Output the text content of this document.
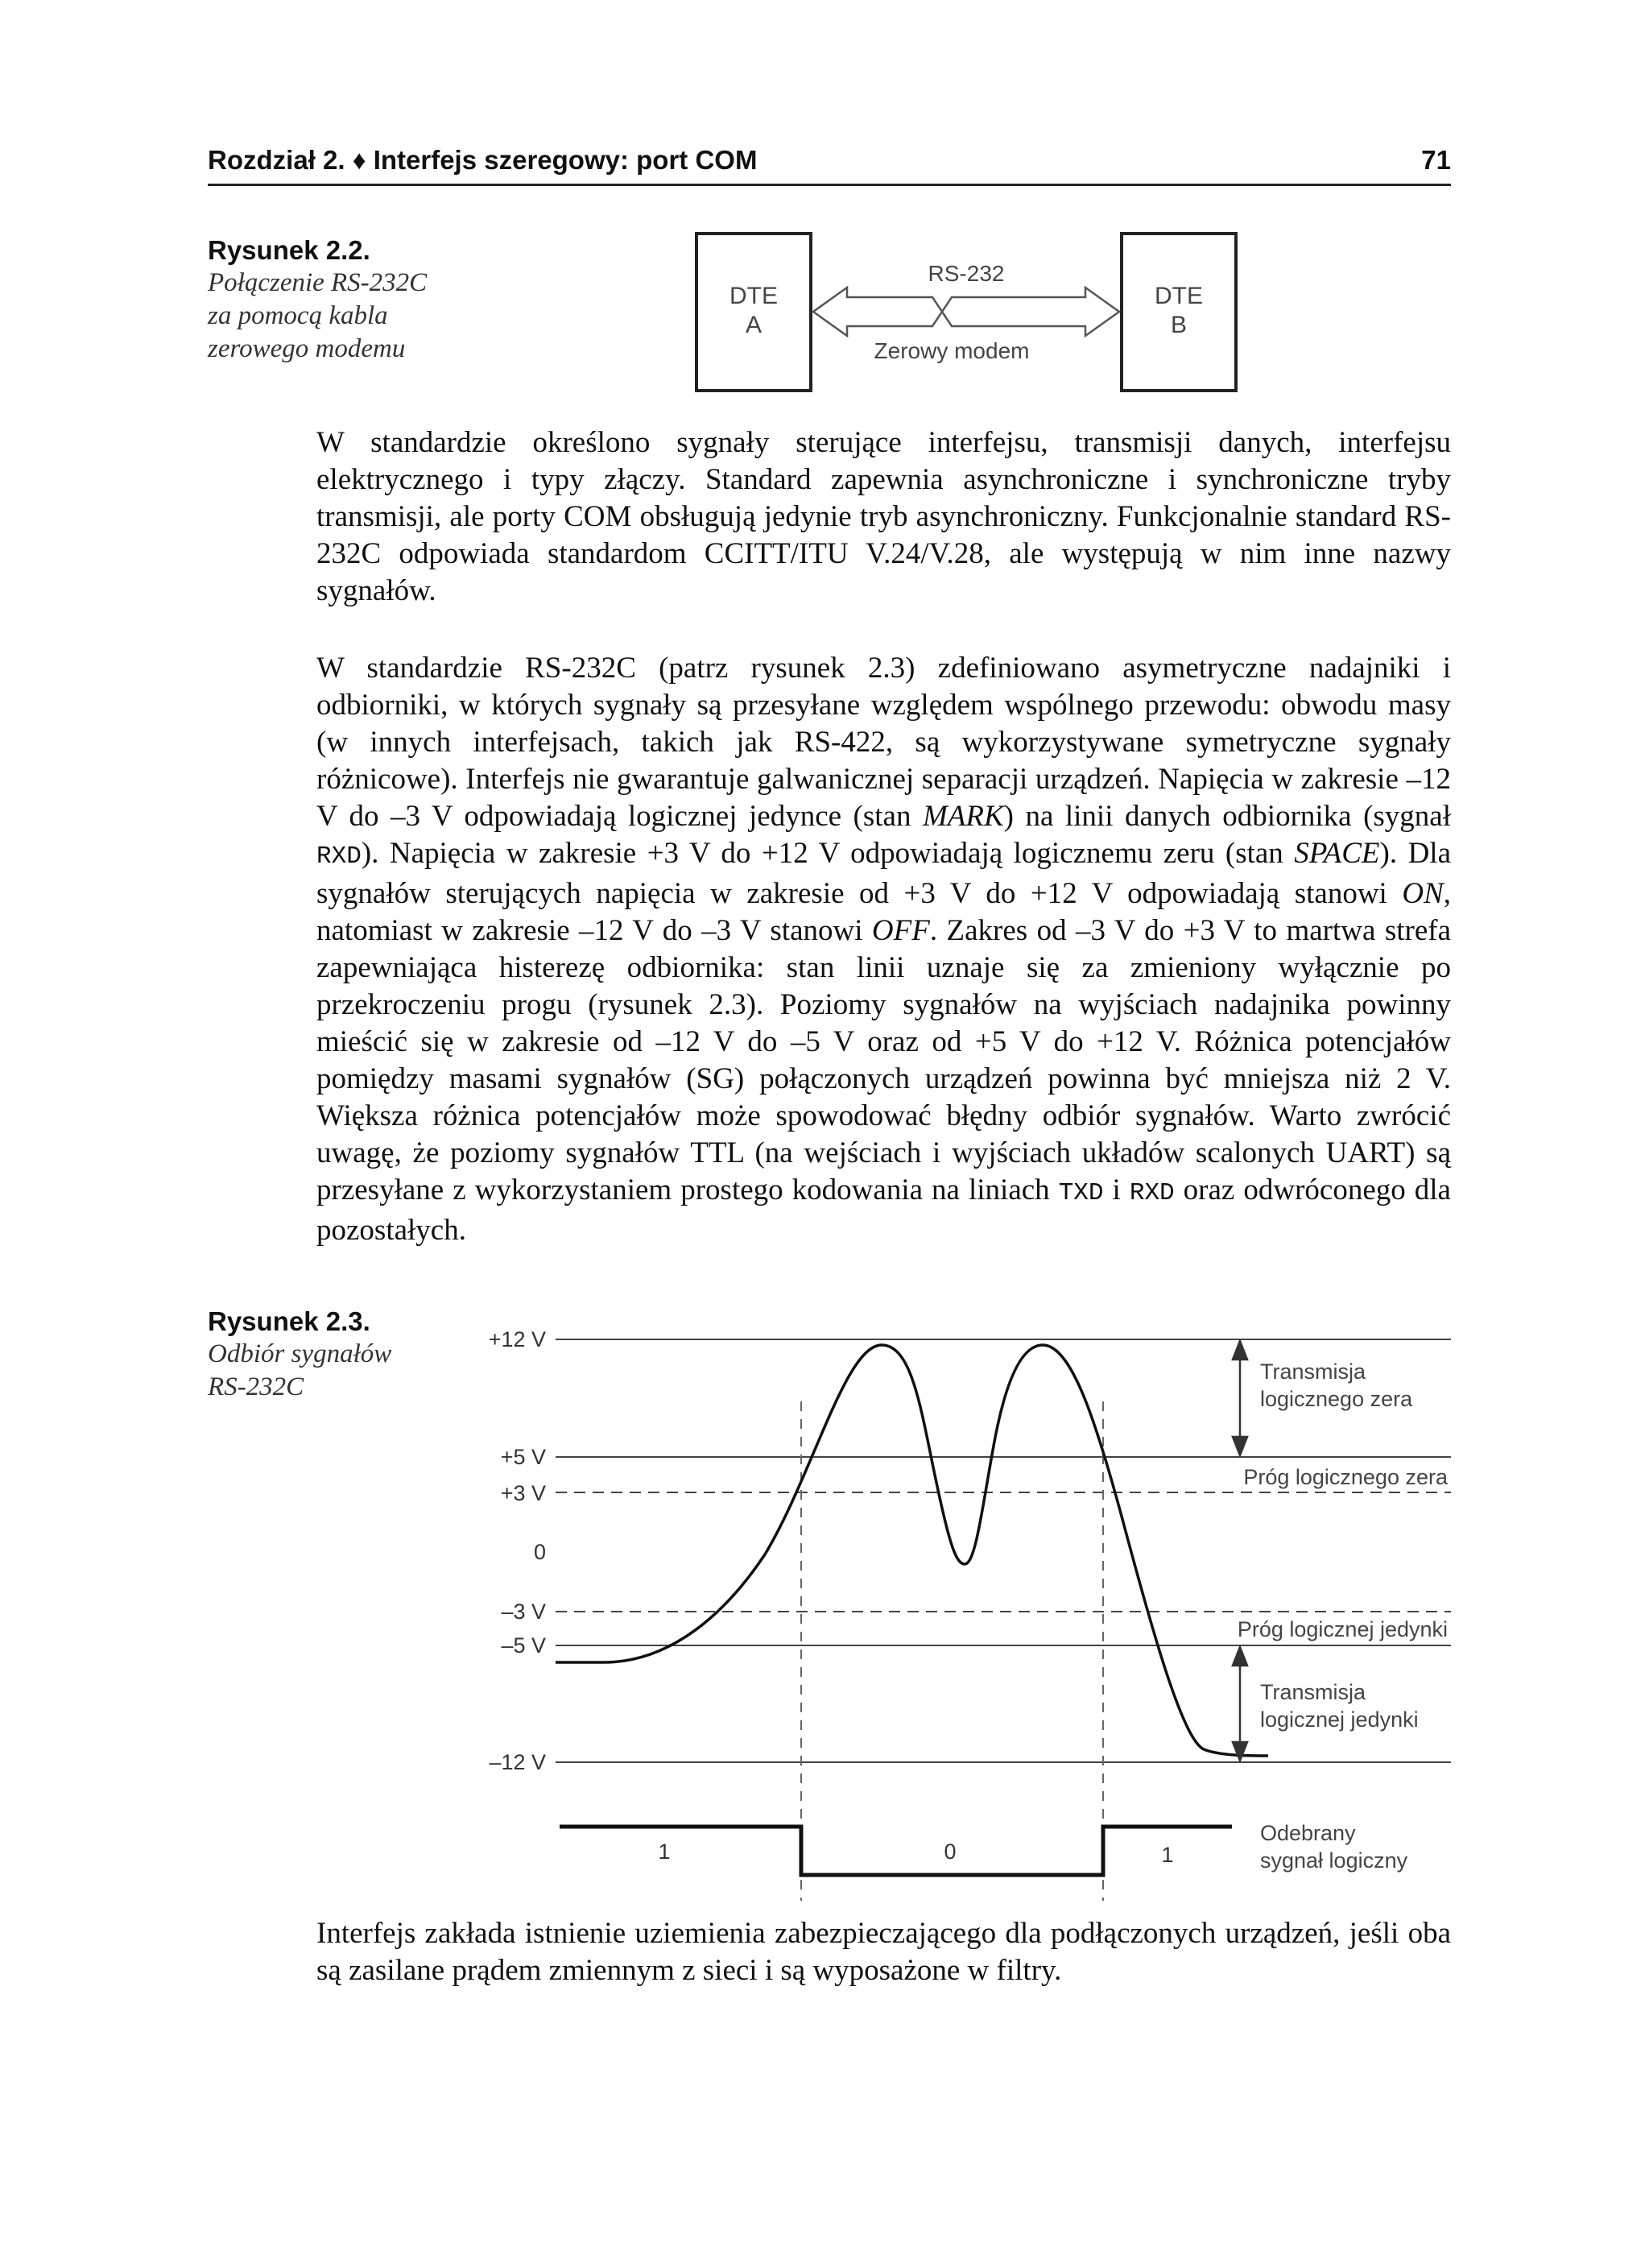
Rozdział 2. ♦ Interfejs szeregowy: port COM	71
Rysunek 2.2.
Połączenie RS-232C
za pomocą kabla
zerowego modemu
DTE
A
DTE
B
RS-232
Zerowy modem

W standardzie określono sygnały sterujące interfejsu, transmisji danych, interfejsu elektrycznego i typy złączy. Standard zapewnia asynchroniczne i synchroniczne tryby transmisji, ale porty COM obsługują jedynie tryb asynchroniczny. Funkcjonalnie standard RS-232C odpowiada standardom CCITT/ITU V.24/V.28, ale występują w nim inne nazwy sygnałów.

W standardzie RS-232C (patrz rysunek 2.3) zdefiniowano asymetryczne nadajniki i odbiorniki, w których sygnały są przesyłane względem wspólnego przewodu: obwodu masy (w innych interfejsach, takich jak RS-422, są wykorzystywane symetryczne sygnały różnicowe). Interfejs nie gwarantuje galwanicznej separacji urządzeń. Napięcia w zakresie –12 V do –3 V odpowiadają logicznej jedynce (stan MARK) na linii danych odbiornika (sygnał RXD). Napięcia w zakresie +3 V do +12 V odpowiadają logicznemu zeru (stan SPACE). Dla sygnałów sterujących napięcia w zakresie od +3 V do +12 V odpowiadają stanowi ON, natomiast w zakresie –12 V do –3 V stanowi OFF. Zakres od –3 V do +3 V to martwa strefa zapewniająca histerezę odbiornika: stan linii uznaje się za zmieniony wyłącznie po przekroczeniu progu (rysunek 2.3). Poziomy sygnałów na wyjściach nadajnika powinny mieścić się w zakresie od –12 V do –5 V oraz od +5 V do +12 V. Różnica potencjałów pomiędzy masami sygnałów (SG) połączonych urządzeń powinna być mniejsza niż 2 V. Większa różnica potencjałów może spowodować błędny odbiór sygnałów. Warto zwrócić uwagę, że poziomy sygnałów TTL (na wejściach i wyjściach układów scalonych UART) są przesyłane z wykorzystaniem prostego kodowania na liniach TXD i RXD oraz odwróconego dla pozostałych.

Rysunek 2.3.
Odbiór sygnałów
RS-232C
+12 V
+5 V
+3 V
0
–3 V
–5 V
–12 V
Transmisja
logicznego zera
Próg logicznego zera
Próg logicznej jedynki
Transmisja
logicznej jedynki
Odebrany
sygnał logiczny
1	0	1

Interfejs zakłada istnienie uziemienia zabezpieczającego dla podłączonych urządzeń, jeśli oba są zasilane prądem zmiennym z sieci i są wyposażone w filtry.
